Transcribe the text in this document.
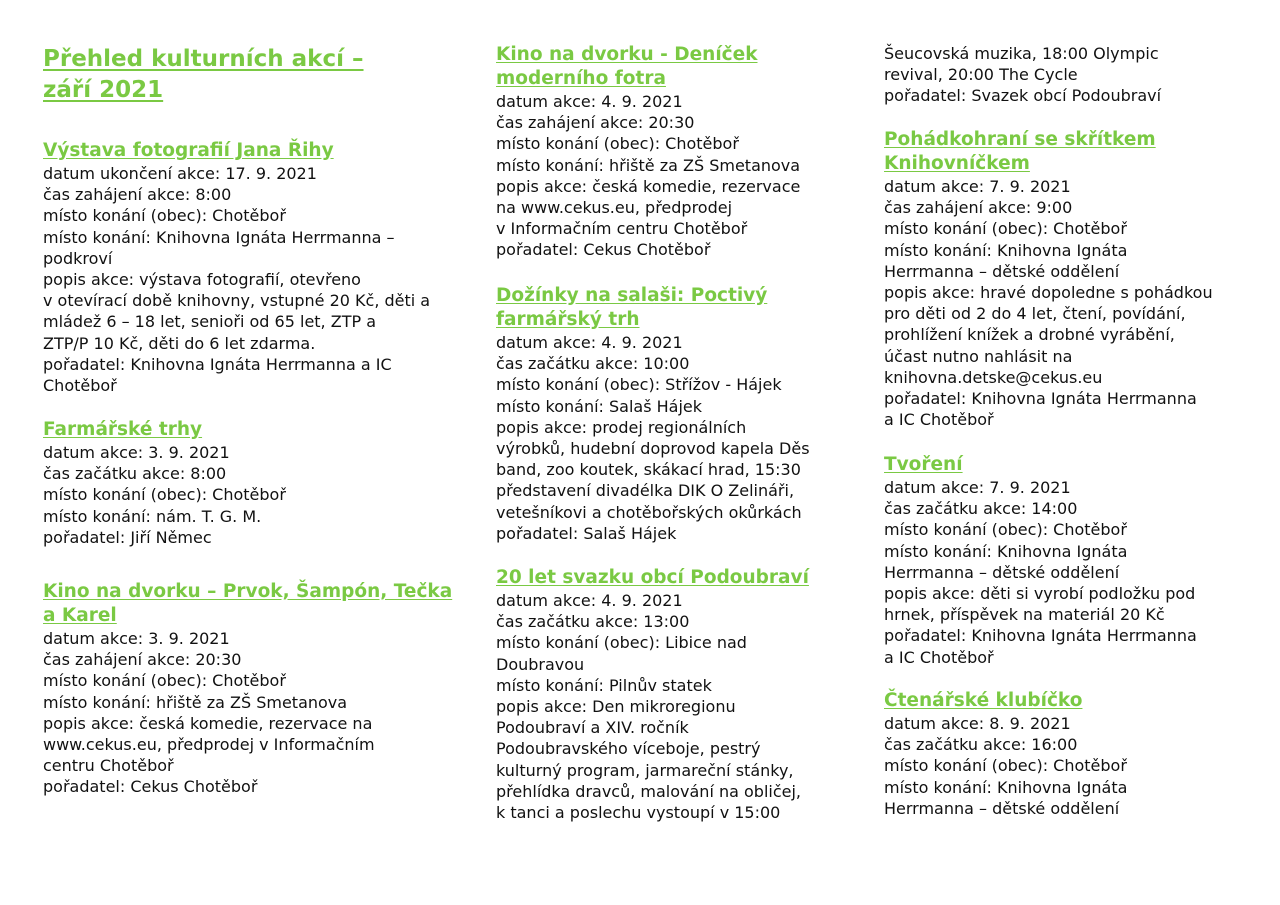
Přehled kulturních akcí –
září 2021
Výstava fotografií Jana Řihy
datum ukončení akce: 17. 9. 2021
čas zahájení akce: 8:00
místo konání (obec): Chotěboř
místo konání: Knihovna Ignáta Herrmanna –
podkroví
popis akce: výstava fotografií, otevřeno
v otevírací době knihovny, vstupné 20 Kč, děti a
mládež 6 – 18 let, senioři od 65 let, ZTP a
ZTP/P 10 Kč, děti do 6 let zdarma.
pořadatel: Knihovna Ignáta Herrmanna a IC
Chotěboř
Farmářské trhy
datum akce: 3. 9. 2021
čas začátku akce: 8:00
místo konání (obec): Chotěboř
místo konání: nám. T. G. M.
pořadatel: Jiří Němec
Kino na dvorku – Prvok, Šampón, Tečka
a Karel
datum akce: 3. 9. 2021
čas zahájení akce: 20:30
místo konání (obec): Chotěboř
místo konání: hřiště za ZŠ Smetanova
popis akce: česká komedie, rezervace na
www.cekus.eu, předprodej v Informačním
centru Chotěboř
pořadatel: Cekus Chotěboř
Kino na dvorku - Deníček
moderního fotra
datum akce: 4. 9. 2021
čas zahájení akce: 20:30
místo konání (obec): Chotěboř
místo konání: hřiště za ZŠ Smetanova
popis akce: česká komedie, rezervace
na www.cekus.eu, předprodej
v Informačním centru Chotěboř
pořadatel: Cekus Chotěboř
Dožínky na salaši: Poctivý
farmářský trh
datum akce: 4. 9. 2021
čas začátku akce: 10:00
místo konání (obec): Střížov - Hájek
místo konání: Salaš Hájek
popis akce: prodej regionálních
výrobků, hudební doprovod kapela Děs
band, zoo koutek, skákací hrad, 15:30
představení divadélka DIK O Zelináři,
vetešníkovi a chotěbořských okůrkách
pořadatel: Salaš Hájek
20 let svazku obcí Podoubraví
datum akce: 4. 9. 2021
čas začátku akce: 13:00
místo konání (obec): Libice nad
Doubravou
místo konání: Pilnův statek
popis akce: Den mikroregionu
Podoubraví a XIV. ročník
Podoubravského víceboje, pestrý
kulturný program, jarmareční stánky,
přehlídka dravců, malování na obličej,
k tanci a poslechu vystoupí v 15:00
Šeucovská muzika, 18:00 Olympic
revival, 20:00 The Cycle
pořadatel: Svazek obcí Podoubraví
Pohádkohraní se skřítkem
Knihovníčkem
datum akce: 7. 9. 2021
čas zahájení akce: 9:00
místo konání (obec): Chotěboř
místo konání: Knihovna Ignáta
Herrmanna – dětské oddělení
popis akce: hravé dopoledne s pohádkou
pro děti od 2 do 4 let, čtení, povídání,
prohlížení knížek a drobné vyrábění,
účast nutno nahlásit na
knihovna.detske@cekus.eu
pořadatel: Knihovna Ignáta Herrmanna
a IC Chotěboř
Tvoření
datum akce: 7. 9. 2021
čas začátku akce: 14:00
místo konání (obec): Chotěboř
místo konání: Knihovna Ignáta
Herrmanna – dětské oddělení
popis akce: děti si vyrobí podložku pod
hrnek, příspěvek na materiál 20 Kč
pořadatel: Knihovna Ignáta Herrmanna
a IC Chotěboř
Čtenářské klubíčko
datum akce: 8. 9. 2021
čas začátku akce: 16:00
místo konání (obec): Chotěboř
místo konání: Knihovna Ignáta
Herrmanna – dětské oddělení
